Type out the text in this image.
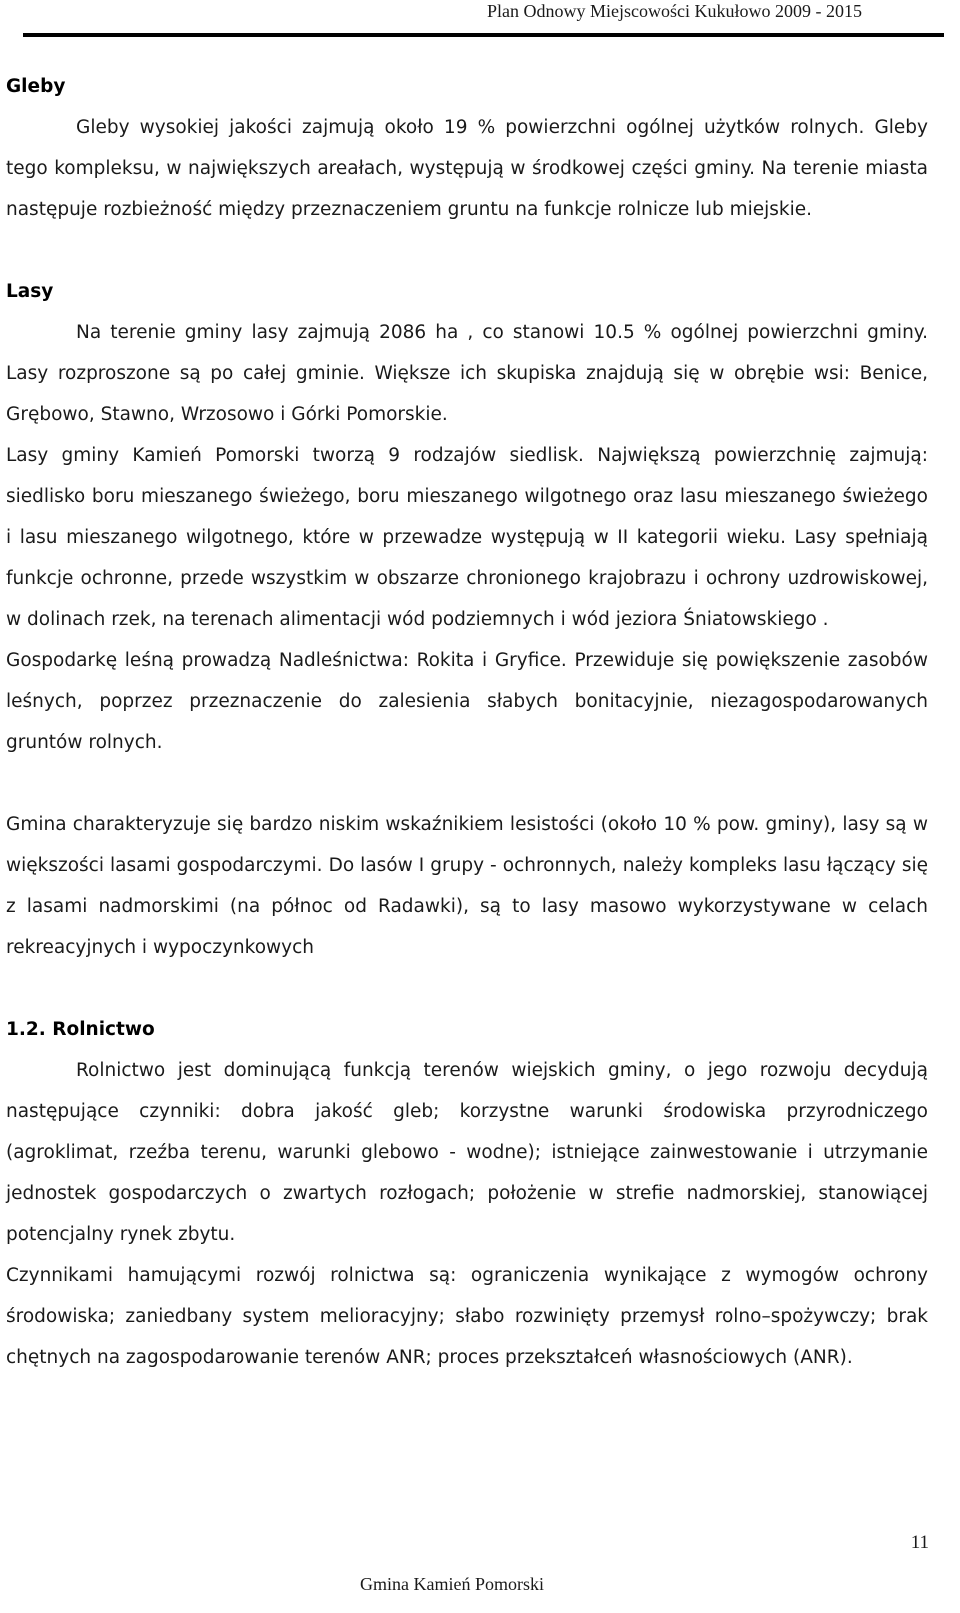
Plan Odnowy Miejscowości Kukułowo 2009 - 2015

Gleby

Gleby wysokiej jakości zajmują około 19 % powierzchni ogólnej użytków rolnych. Gleby tego kompleksu, w największych areałach, występują w środkowej części gminy. Na terenie miasta następuje rozbieżność między przeznaczeniem gruntu na funkcje rolnicze lub miejskie.

Lasy

Na terenie gminy lasy zajmują 2086 ha , co stanowi 10.5 % ogólnej powierzchni gminy. Lasy rozproszone są po całej gminie. Większe ich skupiska znajdują się w obrębie wsi: Benice, Grębowo, Stawno, Wrzosowo i Górki Pomorskie.

Lasy gminy Kamień Pomorski tworzą 9 rodzajów siedlisk. Największą powierzchnię zajmują: siedlisko boru mieszanego świeżego, boru mieszanego wilgotnego oraz lasu mieszanego świeżego i lasu mieszanego wilgotnego, które w przewadze występują w II kategorii wieku. Lasy spełniają funkcje ochronne, przede wszystkim w obszarze chronionego krajobrazu i ochrony uzdrowiskowej, w dolinach rzek, na terenach alimentacji wód podziemnych i wód jeziora Śniatowskiego .

Gospodarkę leśną prowadzą Nadleśnictwa: Rokita i Gryfice. Przewiduje się powiększenie zasobów leśnych, poprzez przeznaczenie do zalesienia słabych bonitacyjnie, niezagospodarowanych gruntów rolnych.

Gmina charakteryzuje się bardzo niskim wskaźnikiem lesistości (około 10 % pow. gminy), lasy są w większości lasami gospodarczymi. Do lasów I grupy - ochronnych, należy kompleks lasu łączący się z lasami nadmorskimi (na północ od Radawki), są to lasy masowo wykorzystywane w celach rekreacyjnych i wypoczynkowych

1.2. Rolnictwo

Rolnictwo jest dominującą funkcją terenów wiejskich gminy, o jego rozwoju decydują następujące czynniki: dobra jakość gleb; korzystne warunki środowiska przyrodniczego (agroklimat, rzeźba terenu, warunki glebowo - wodne); istniejące zainwestowanie i utrzymanie jednostek gospodarczych o zwartych rozłogach; położenie w strefie nadmorskiej, stanowiącej potencjalny rynek zbytu.

Czynnikami hamującymi rozwój rolnictwa są: ograniczenia wynikające z wymogów ochrony środowiska; zaniedbany system melioracyjny; słabo rozwinięty przemysł rolno–spożywczy; brak chętnych na zagospodarowanie terenów ANR; proces przekształceń własnościowych (ANR).

11
Gmina Kamień Pomorski
